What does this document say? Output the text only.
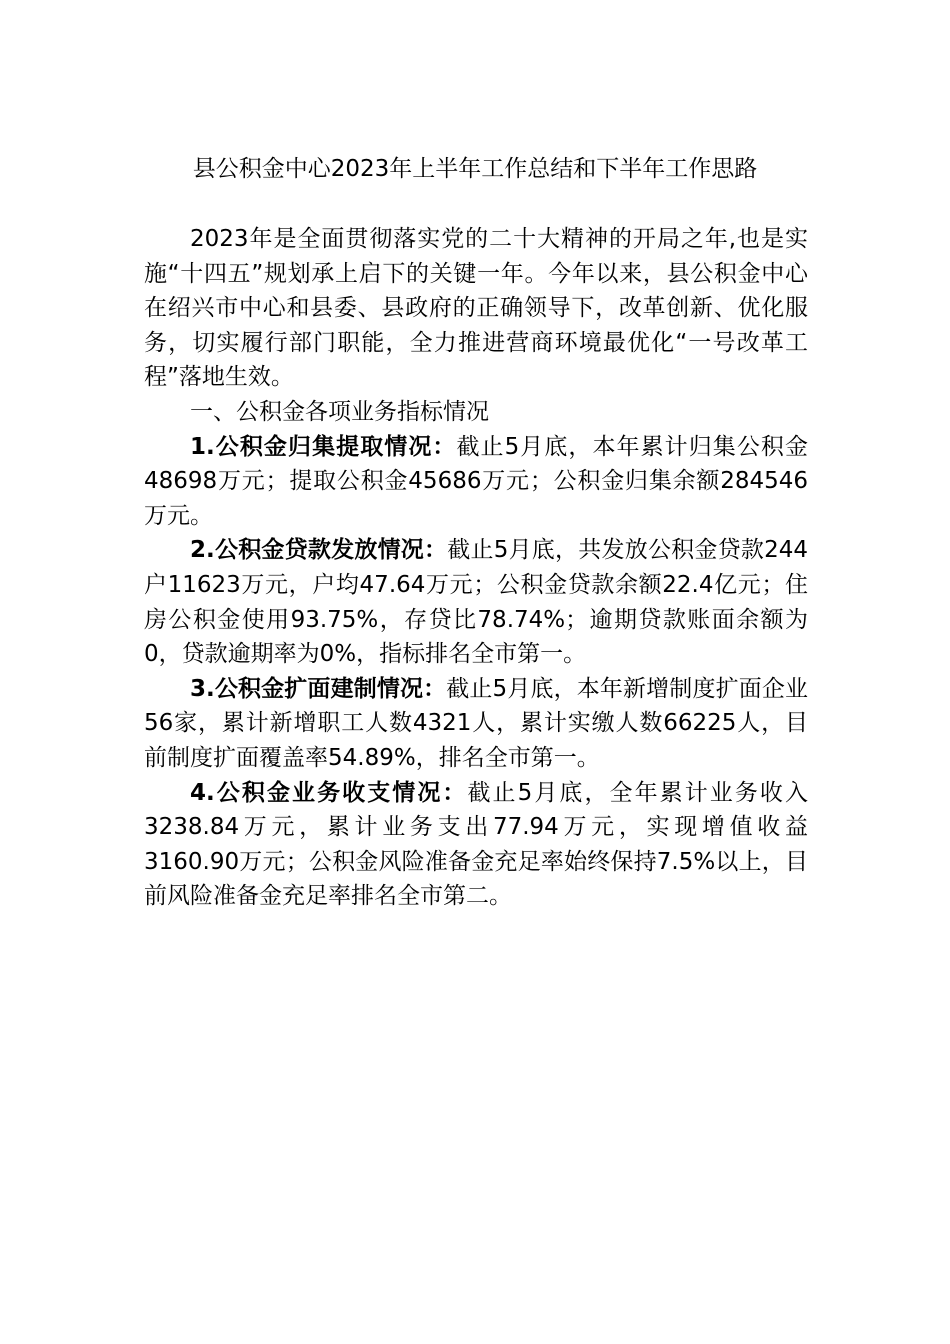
县公积金中心2023年上半年工作总结和下半年工作思路

2023年是全面贯彻落实党的二十大精神的开局之年,也是实施“十四五”规划承上启下的关键一年。今年以来，县公积金中心在绍兴市中心和县委、县政府的正确领导下，改革创新、优化服务，切实履行部门职能，全力推进营商环境最优化“一号改革工程”落地生效。

一、公积金各项业务指标情况

1.公积金归集提取情况：截止5月底，本年累计归集公积金48698万元；提取公积金45686万元；公积金归集余额284546万元。

2.公积金贷款发放情况：截止5月底，共发放公积金贷款244户11623万元，户均47.64万元；公积金贷款余额22.4亿元；住房公积金使用93.75%，存贷比78.74%；逾期贷款账面余额为0，贷款逾期率为0%，指标排名全市第一。

3.公积金扩面建制情况：截止5月底，本年新增制度扩面企业56家，累计新增职工人数4321人，累计实缴人数66225人，目前制度扩面覆盖率54.89%，排名全市第一。

4.公积金业务收支情况：截止5月底，全年累计业务收入3238.84万元，累计业务支出77.94万元，实现增值收益3160.90万元；公积金风险准备金充足率始终保持7.5%以上，目前风险准备金充足率排名全市第二。
